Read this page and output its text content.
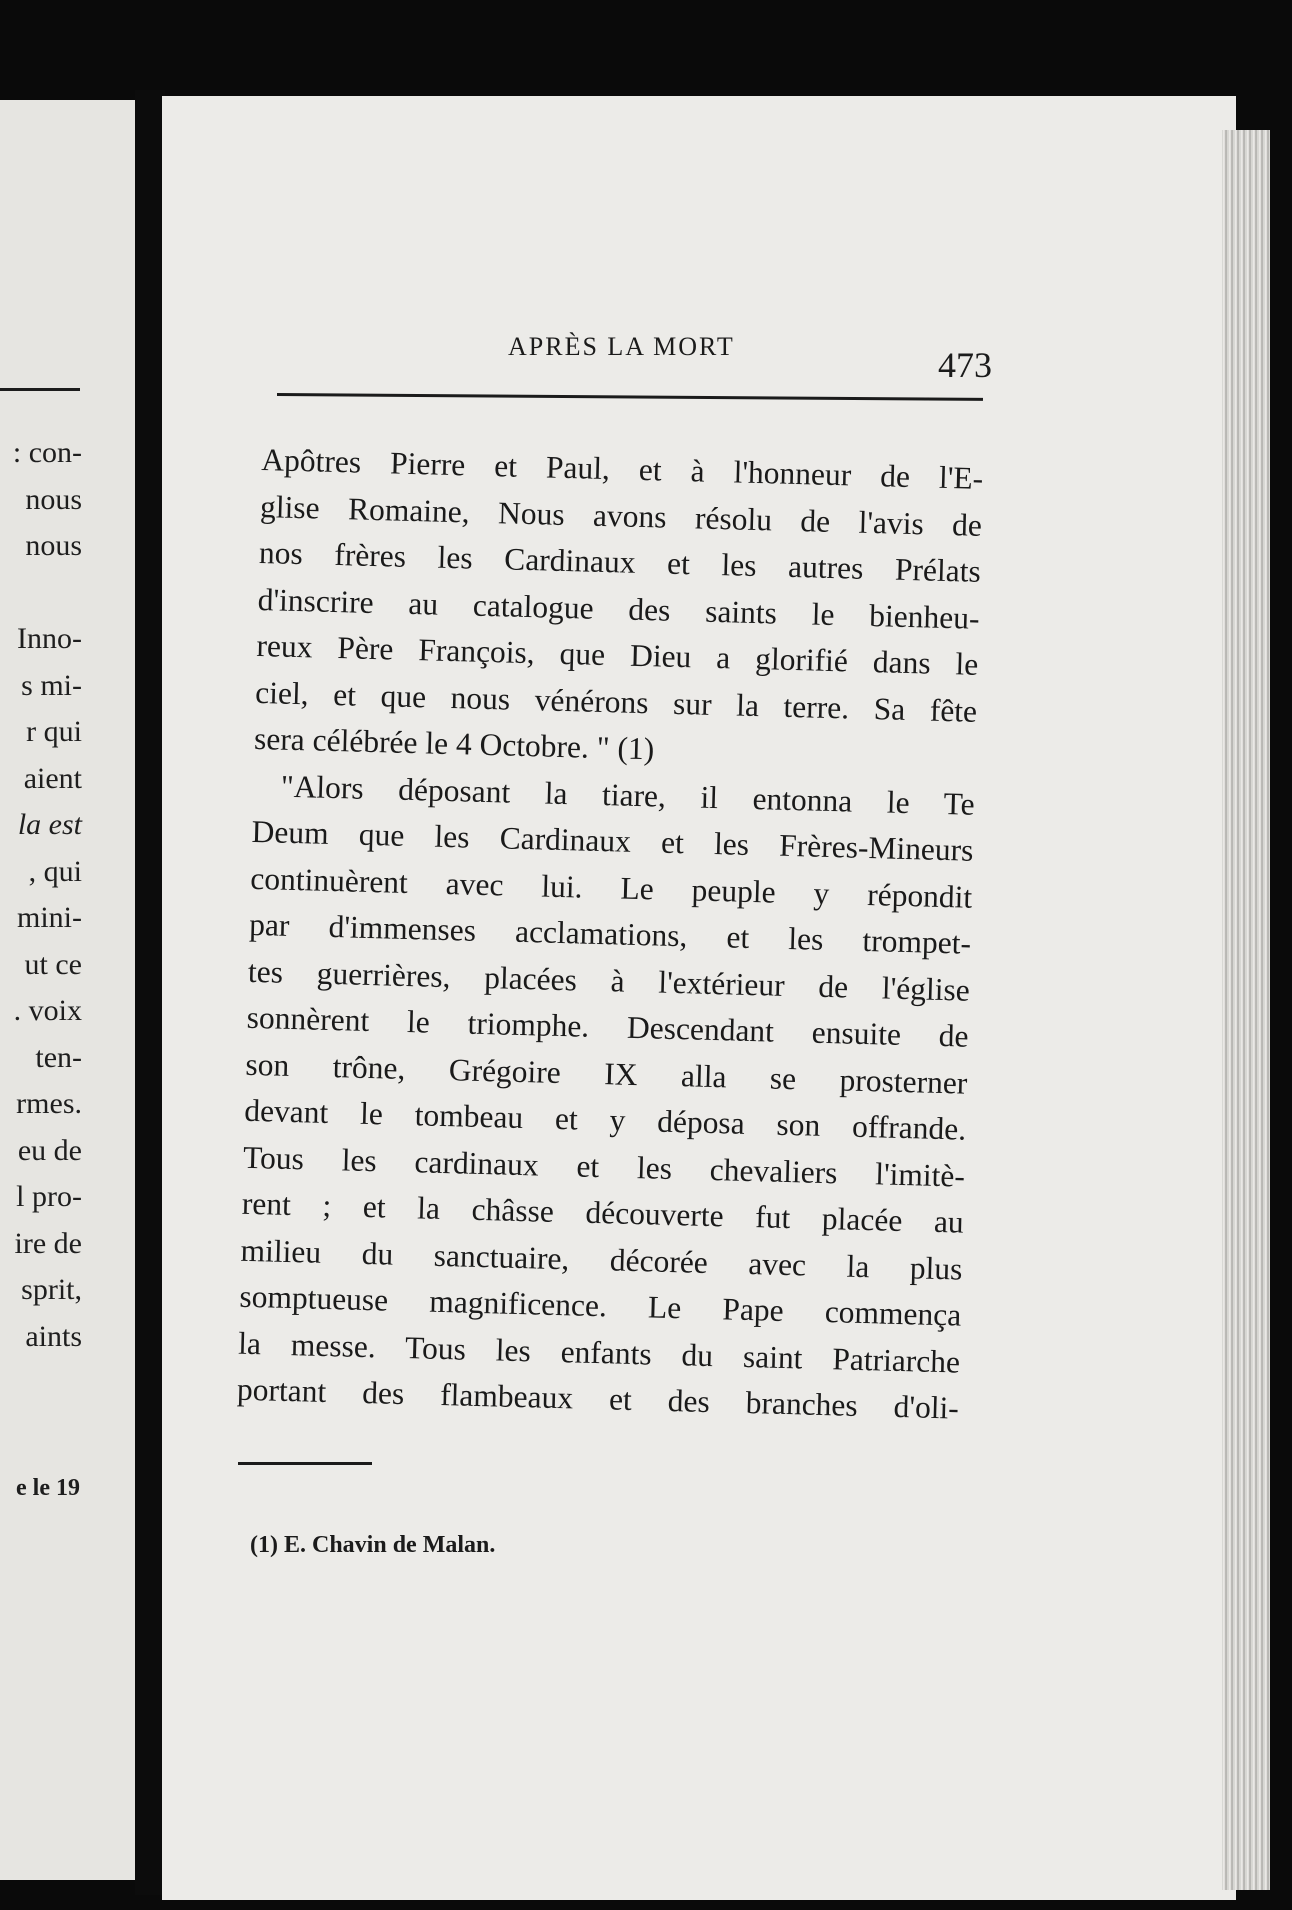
: con-
nous
nous

Inno-
s mi-
r qui
aient
la est
, qui
mini-
ut ce
. voix
ten-
rmes.
eu de
l pro-
ire de
sprit,
aints
e le 19
APRÈS LA MORT	473
Apôtres Pierre et Paul, et à l'honneur de l'E-
glise Romaine, Nous avons résolu de l'avis de
nos frères les Cardinaux et les autres Prélats
d'inscrire au catalogue des saints le bienheu-
reux Père François, que Dieu a glorifié dans le
ciel, et que nous vénérons sur la terre. Sa fête
sera célébrée le 4 Octobre. " (1)
"Alors déposant la tiare, il entonna le Te
Deum que les Cardinaux et les Frères-Mineurs
continuèrent avec lui. Le peuple y répondit
par d'immenses acclamations, et les trompet-
tes guerrières, placées à l'extérieur de l'église
sonnèrent le triomphe. Descendant ensuite de
son trône, Grégoire IX alla se prosterner
devant le tombeau et y déposa son offrande.
Tous les cardinaux et les chevaliers l'imitè-
rent ; et la châsse découverte fut placée au
milieu du sanctuaire, décorée avec la plus
somptueuse magnificence. Le Pape commença
la messe. Tous les enfants du saint Patriarche
portant des flambeaux et des branches d'oli-
(1) E. Chavin de Malan.
